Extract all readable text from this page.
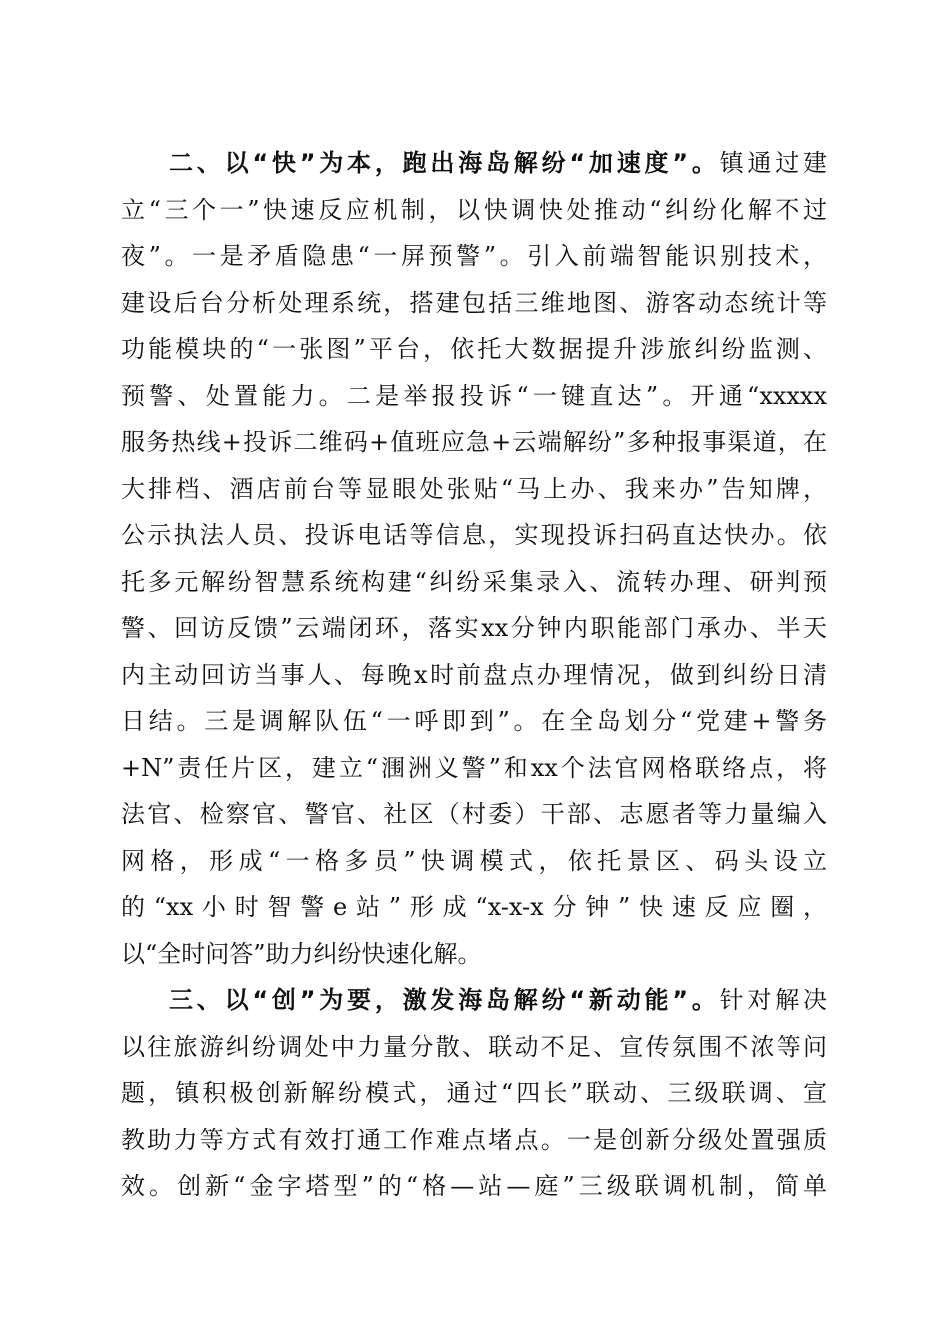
二、以“快”为本，跑出海岛解纷“加速度”。镇通过建
立“三个一”快速反应机制，以快调快处推动“纠纷化解不过
夜”。一是矛盾隐患“一屏预警”。引入前端智能识别技术，
建设后台分析处理系统，搭建包括三维地图、游客动态统计等
功能模块的“一张图”平台，依托大数据提升涉旅纠纷监测、
预警、处置能力。二是举报投诉“一键直达”。开通“xxxxx
服务热线+投诉二维码+值班应急+云端解纷”多种报事渠道，在
大排档、酒店前台等显眼处张贴“马上办、我来办”告知牌，
公示执法人员、投诉电话等信息，实现投诉扫码直达快办。依
托多元解纷智慧系统构建“纠纷采集录入、流转办理、研判预
警、回访反馈”云端闭环，落实xx分钟内职能部门承办、半天
内主动回访当事人、每晚x时前盘点办理情况，做到纠纷日清
日结。三是调解队伍“一呼即到”。在全岛划分“党建+警务
+N”责任片区，建立“涠洲义警”和xx个法官网格联络点，将
法官、检察官、警官、社区（村委）干部、志愿者等力量编入
网格，形成“一格多员”快调模式，依托景区、码头设立
的“xx小时智警e站”形成“x-x-x分钟”快速反应圈，
以“全时问答”助力纠纷快速化解。
三、以“创”为要，激发海岛解纷“新动能”。针对解决
以往旅游纠纷调处中力量分散、联动不足、宣传氛围不浓等问
题，镇积极创新解纷模式，通过“四长”联动、三级联调、宣
教助力等方式有效打通工作难点堵点。一是创新分级处置强质
效。创新“金字塔型”的“格—站—庭”三级联调机制，简单
